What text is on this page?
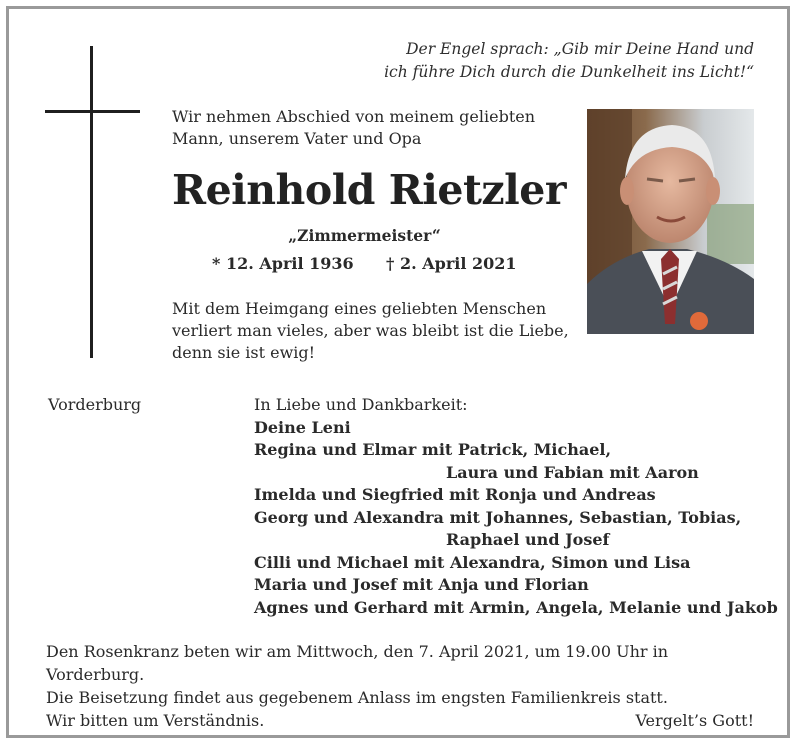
Der Engel sprach: „Gib mir Deine Hand und
ich führe Dich durch die Dunkelheit ins Licht!“
Wir nehmen Abschied von meinem geliebten
Mann, unserem Vater und Opa
Reinhold Rietzler
„Zimmermeister“
* 12. April 1936 † 2. April 2021
Mit dem Heimgang eines geliebten Menschen
verliert man vieles, aber was bleibt ist die Liebe,
denn sie ist ewig!
Vorderburg	In Liebe und Dankbarkeit:
Deine Leni
Regina und Elmar mit Patrick, Michael,
Laura und Fabian mit Aaron
Imelda und Siegfried mit Ronja und Andreas
Georg und Alexandra mit Johannes, Sebastian, Tobias,
Raphael und Josef
Cilli und Michael mit Alexandra, Simon und Lisa
Maria und Josef mit Anja und Florian
Agnes und Gerhard mit Armin, Angela, Melanie und Jakob
Den Rosenkranz beten wir am Mittwoch, den 7. April 2021, um 19.00 Uhr in Vorderburg.
Die Beisetzung findet aus gegebenem Anlass im engsten Familienkreis statt.
Wir bitten um Verständnis.	Vergelt’s Gott!
